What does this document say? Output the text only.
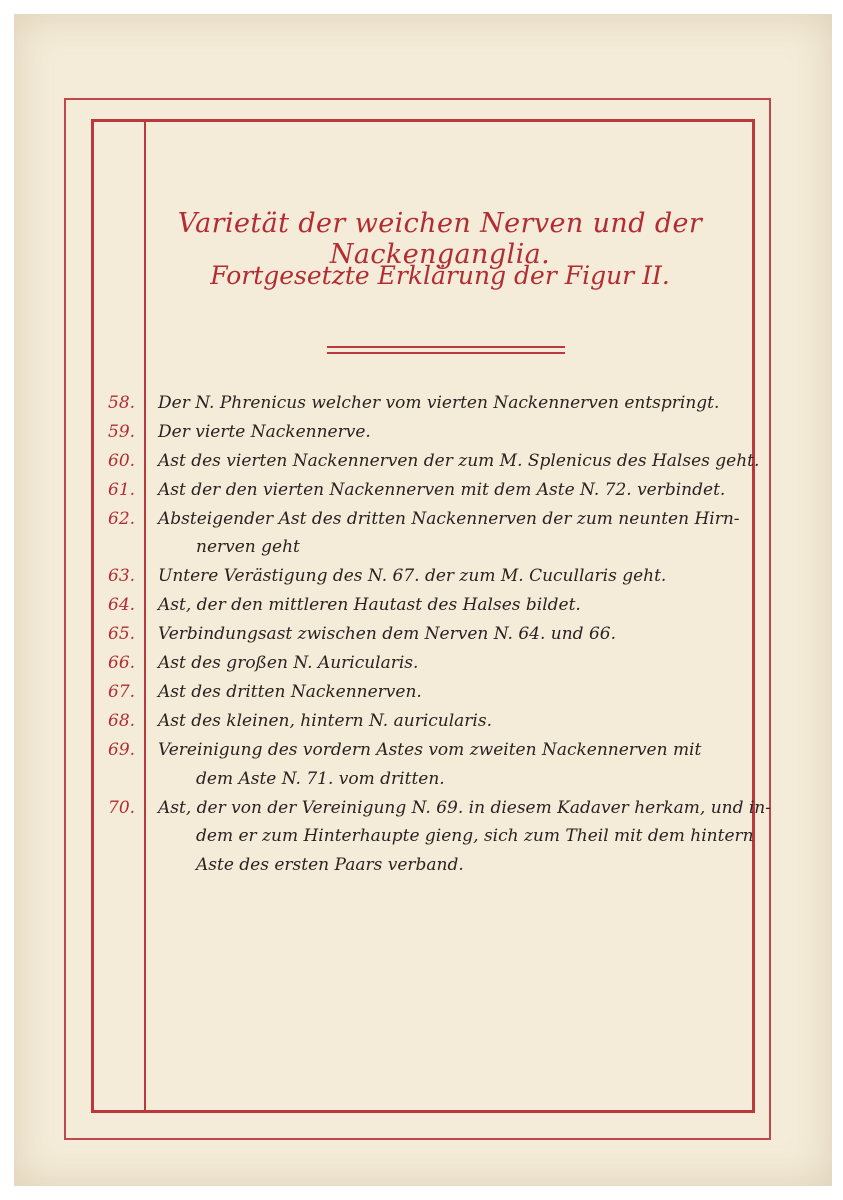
Varietät der weichen Nerven und der Nackenganglia.
Fortgesetzte Erklärung der Figur II.
58.	Der N. Phrenicus welcher vom vierten Nackennerven entspringt.
59.	Der vierte Nackennerve.
60.	Ast des vierten Nackennerven der zum M. Splenicus des Halses geht.
61.	Ast der den vierten Nackennerven mit dem Aste N. 72. verbindet.
62.	Absteigender Ast des dritten Nackennerven der zum neunten Hirn-
nerven geht
63.	Untere Verästigung des N. 67. der zum M. Cucullaris geht.
64.	Ast, der den mittleren Hautast des Halses bildet.
65.	Verbindungsast zwischen dem Nerven N. 64. und 66.
66.	Ast des großen N. Auricularis.
67.	Ast des dritten Nackennerven.
68.	Ast des kleinen, hintern N. auricularis.
69.	Vereinigung des vordern Astes vom zweiten Nackennerven mit
dem Aste N. 71. vom dritten.
70.	Ast, der von der Vereinigung N. 69. in diesem Kadaver herkam, und in-
dem er zum Hinterhaupte gieng, sich zum Theil mit dem hintern
Aste des ersten Paars verband.
